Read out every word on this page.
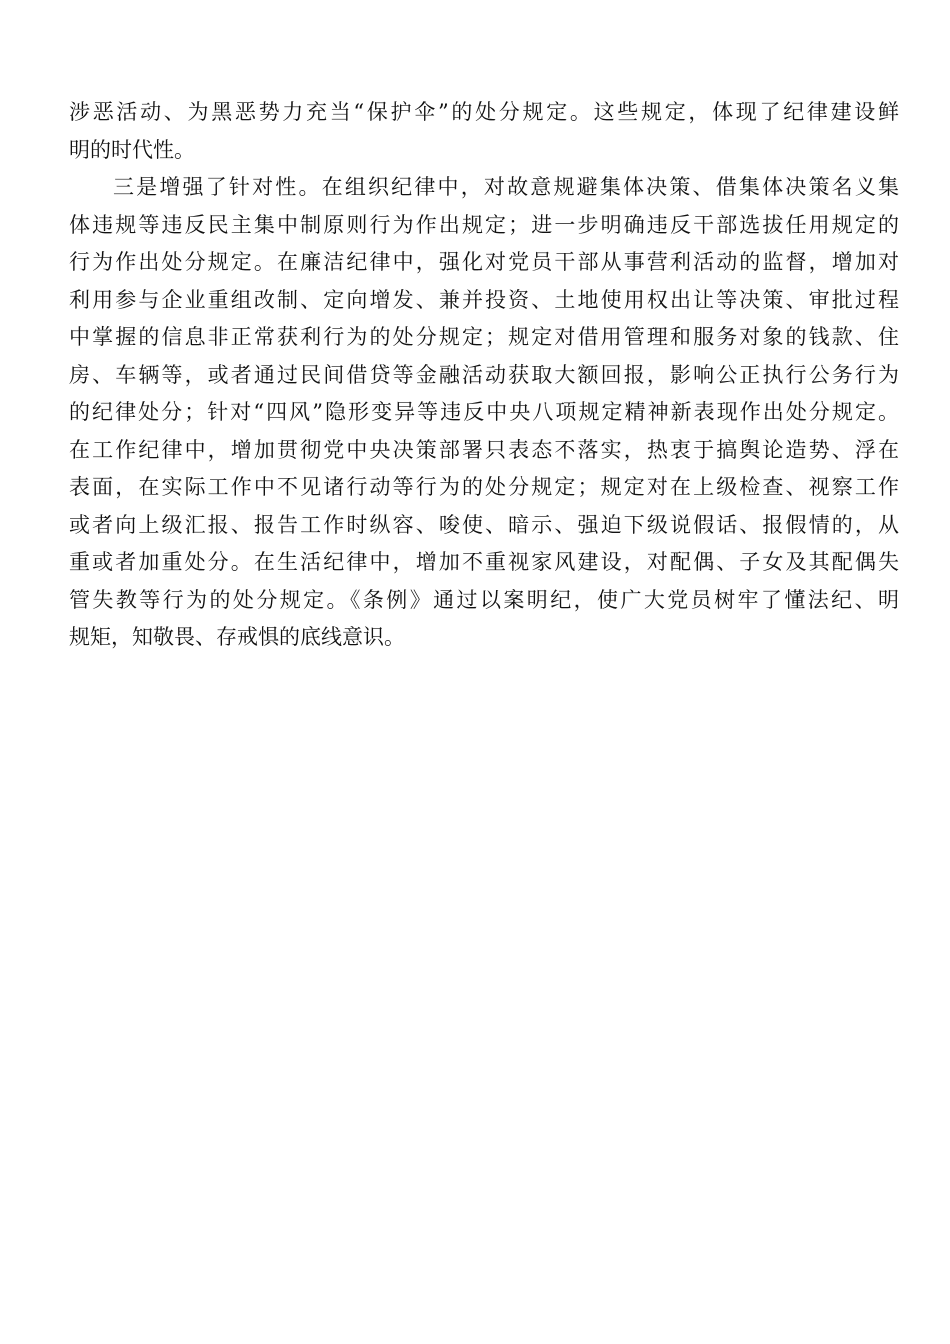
涉恶活动、为黑恶势力充当“保护伞”的处分规定。这些规定，体现了纪律建设鲜
明的时代性。
三是增强了针对性。在组织纪律中，对故意规避集体决策、借集体决策名义集
体违规等违反民主集中制原则行为作出规定；进一步明确违反干部选拔任用规定的
行为作出处分规定。在廉洁纪律中，强化对党员干部从事营利活动的监督，增加对
利用参与企业重组改制、定向增发、兼并投资、土地使用权出让等决策、审批过程
中掌握的信息非正常获利行为的处分规定；规定对借用管理和服务对象的钱款、住
房、车辆等，或者通过民间借贷等金融活动获取大额回报，影响公正执行公务行为
的纪律处分；针对“四风”隐形变异等违反中央八项规定精神新表现作出处分规定。
在工作纪律中，增加贯彻党中央决策部署只表态不落实，热衷于搞舆论造势、浮在
表面，在实际工作中不见诸行动等行为的处分规定；规定对在上级检查、视察工作
或者向上级汇报、报告工作时纵容、唆使、暗示、强迫下级说假话、报假情的，从
重或者加重处分。在生活纪律中，增加不重视家风建设，对配偶、子女及其配偶失
管失教等行为的处分规定。《条例》通过以案明纪，使广大党员树牢了懂法纪、明
规矩，知敬畏、存戒惧的底线意识。
